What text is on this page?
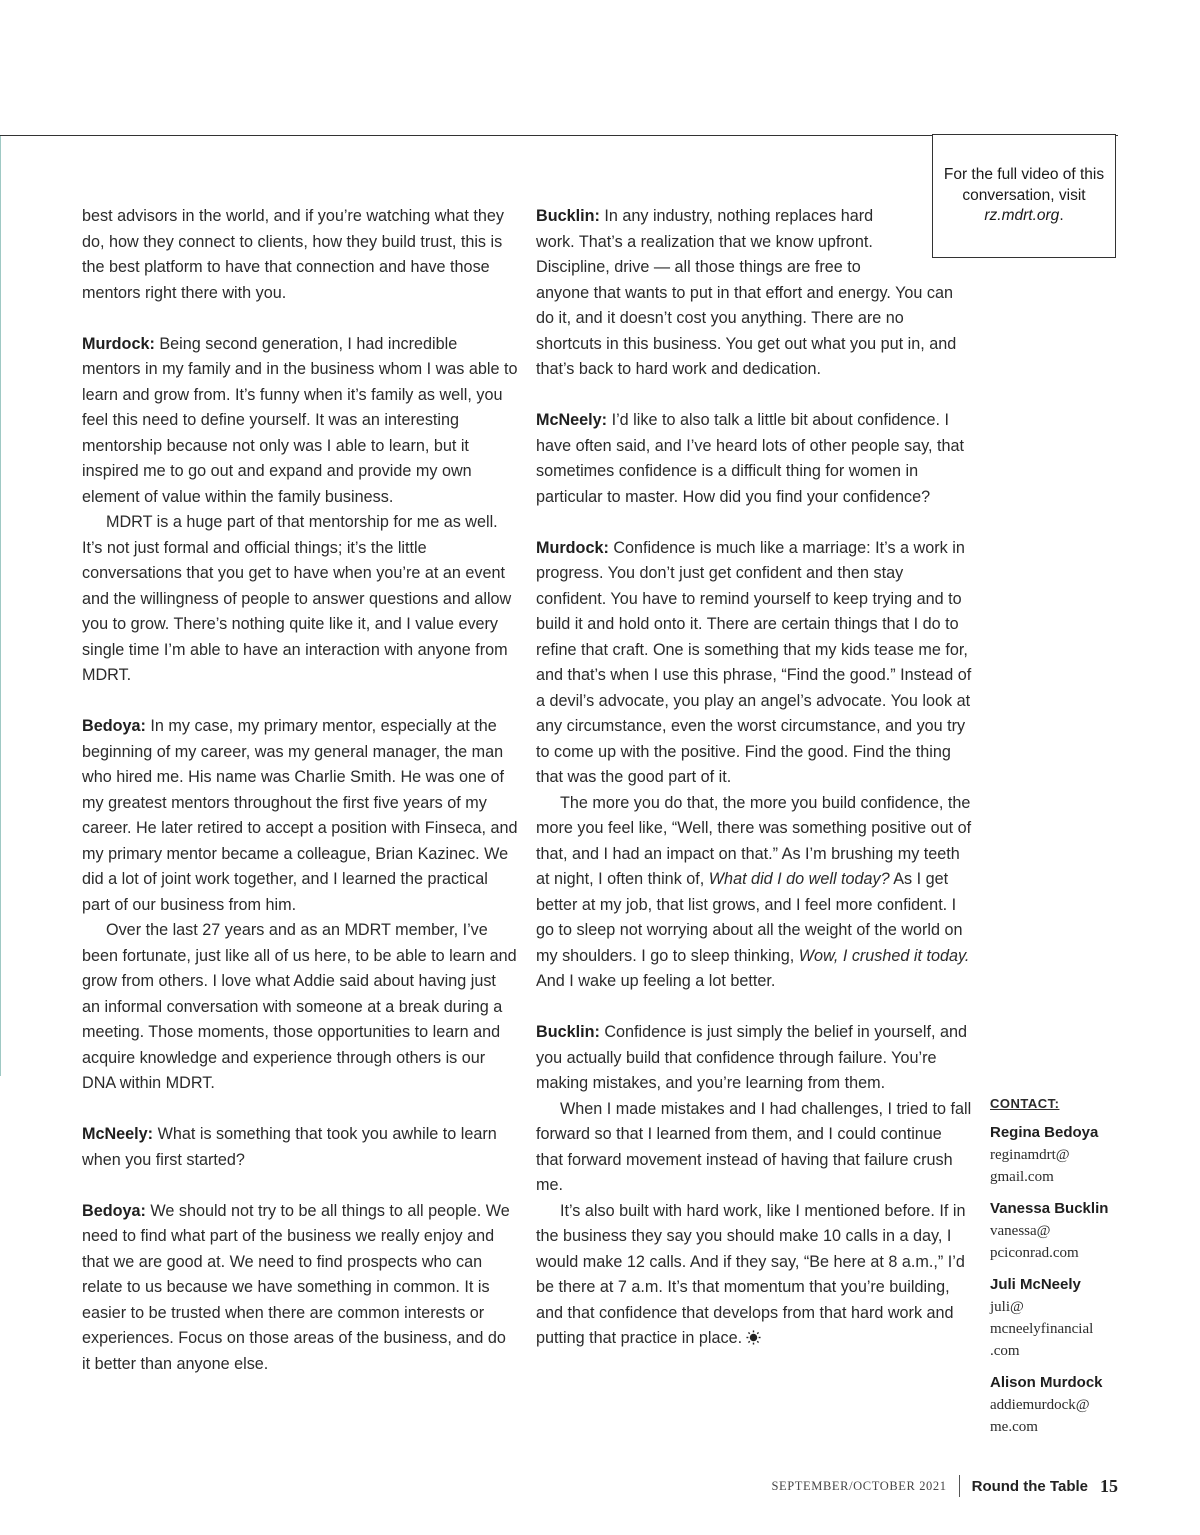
For the full video of this conversation, visit rz.mdrt.org.

best advisors in the world, and if you’re watching what they do, how they connect to clients, how they build trust, this is the best platform to have that connection and have those mentors right there with you.

Murdock: Being second generation, I had incredible mentors in my family and in the business whom I was able to learn and grow from. It’s funny when it’s family as well, you feel this need to define yourself. It was an interesting mentorship because not only was I able to learn, but it inspired me to go out and expand and provide my own element of value within the family business.

MDRT is a huge part of that mentorship for me as well. It’s not just formal and official things; it’s the little conversations that you get to have when you’re at an event and the willingness of people to answer questions and allow you to grow. There’s nothing quite like it, and I value every single time I’m able to have an interaction with anyone from MDRT.

Bedoya: In my case, my primary mentor, especially at the beginning of my career, was my general manager, the man who hired me. His name was Charlie Smith. He was one of my greatest mentors throughout the first five years of my career. He later retired to accept a position with Finseca, and my primary mentor became a colleague, Brian Kazinec. We did a lot of joint work together, and I learned the practical part of our business from him.

Over the last 27 years and as an MDRT member, I’ve been fortunate, just like all of us here, to be able to learn and grow from others. I love what Addie said about having just an informal conversation with someone at a break during a meeting. Those moments, those opportunities to learn and acquire knowledge and experience through others is our DNA within MDRT.

McNeely: What is something that took you awhile to learn when you first started?

Bedoya: We should not try to be all things to all people. We need to find what part of the business we really enjoy and that we are good at. We need to find prospects who can relate to us because we have something in common. It is easier to be trusted when there are common interests or experiences. Focus on those areas of the business, and do it better than anyone else.

Bucklin: In any industry, nothing replaces hard work. That’s a realization that we know upfront. Discipline, drive — all those things are free to anyone that wants to put in that effort and energy. You can do it, and it doesn’t cost you anything. There are no shortcuts in this business. You get out what you put in, and that’s back to hard work and dedication.

McNeely: I’d like to also talk a little bit about confidence. I have often said, and I’ve heard lots of other people say, that sometimes confidence is a difficult thing for women in particular to master. How did you find your confidence?

Murdock: Confidence is much like a marriage: It’s a work in progress. You don’t just get confident and then stay confident. You have to remind yourself to keep trying and to build it and hold onto it. There are certain things that I do to refine that craft. One is something that my kids tease me for, and that’s when I use this phrase, “Find the good.” Instead of a devil’s advocate, you play an angel’s advocate. You look at any circumstance, even the worst circumstance, and you try to come up with the positive. Find the good. Find the thing that was the good part of it.

The more you do that, the more you build confidence, the more you feel like, “Well, there was something positive out of that, and I had an impact on that.” As I’m brushing my teeth at night, I often think of, What did I do well today? As I get better at my job, that list grows, and I feel more confident. I go to sleep not worrying about all the weight of the world on my shoulders. I go to sleep thinking, Wow, I crushed it today. And I wake up feeling a lot better.

Bucklin: Confidence is just simply the belief in yourself, and you actually build that confidence through failure. You’re making mistakes, and you’re learning from them.

When I made mistakes and I had challenges, I tried to fall forward so that I learned from them, and I could continue that forward movement instead of having that failure crush me.

It’s also built with hard work, like I mentioned before. If in the business they say you should make 10 calls in a day, I would make 12 calls. And if they say, “Be here at 8 a.m.,” I’d be there at 7 a.m. It’s that momentum that you’re building, and that confidence that develops from that hard work and putting that practice in place.

CONTACT:
Regina Bedoya
reginamdrt@
gmail.com
Vanessa Bucklin
vanessa@
pciconrad.com
Juli McNeely
juli@
mcneelyfinancial
.com
Alison Murdock
addiemurdock@
me.com
SEPTEMBER/OCTOBER 2021 Round the Table 15
